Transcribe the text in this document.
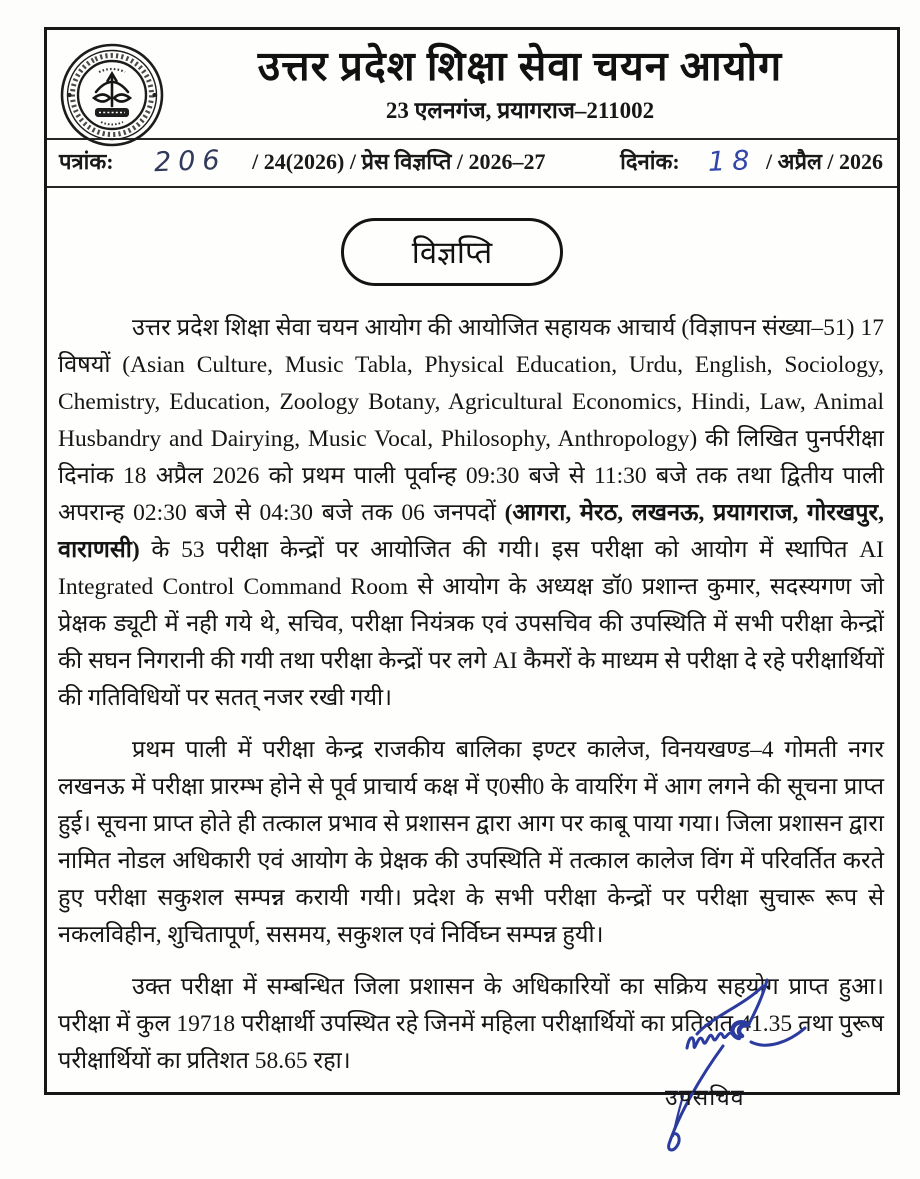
उत्तर प्रदेश शिक्षा सेवा चयन आयोग
23 एलनगंज, प्रयागराज–211002
पत्रांक: 206 / 24(2026) / प्रेस विज्ञप्ति / 2026–27	दिनांक: 18 / अप्रैल / 2026
विज्ञप्ति

उत्तर प्रदेश शिक्षा सेवा चयन आयोग की आयोजित सहायक आचार्य (विज्ञापन संख्या–51) 17 विषयों (Asian Culture, Music Tabla, Physical Education, Urdu, English, Sociology, Chemistry, Education, Zoology Botany, Agricultural Economics, Hindi, Law, Animal Husbandry and Dairying, Music Vocal, Philosophy, Anthropology) की लिखित पुनर्परीक्षा दिनांक 18 अप्रैल 2026 को प्रथम पाली पूर्वान्ह 09:30 बजे से 11:30 बजे तक तथा द्वितीय पाली अपरान्ह 02:30 बजे से 04:30 बजे तक 06 जनपदों (आगरा, मेरठ, लखनऊ, प्रयागराज, गोरखपुर, वाराणसी) के 53 परीक्षा केन्द्रों पर आयोजित की गयी। इस परीक्षा को आयोग में स्थापित AI Integrated Control Command Room से आयोग के अध्यक्ष डॉ0 प्रशान्त कुमार, सदस्यगण जो प्रेक्षक ड्यूटी में नही गये थे, सचिव, परीक्षा नियंत्रक एवं उपसचिव की उपस्थिति में सभी परीक्षा केन्द्रों की सघन निगरानी की गयी तथा परीक्षा केन्द्रों पर लगे AI कैमरों के माध्यम से परीक्षा दे रहे परीक्षार्थियों की गतिविधियों पर सतत् नजर रखी गयी।

प्रथम पाली में परीक्षा केन्द्र राजकीय बालिका इण्टर कालेज, विनयखण्ड–4 गोमती नगर लखनऊ में परीक्षा प्रारम्भ होने से पूर्व प्राचार्य कक्ष में ए0सी0 के वायरिंग में आग लगने की सूचना प्राप्त हुई। सूचना प्राप्त होते ही तत्काल प्रभाव से प्रशासन द्वारा आग पर काबू पाया गया। जिला प्रशासन द्वारा नामित नोडल अधिकारी एवं आयोग के प्रेक्षक की उपस्थिति में तत्काल कालेज विंग में परिवर्तित करते हुए परीक्षा सकुशल सम्पन्न करायी गयी। प्रदेश के सभी परीक्षा केन्द्रों पर परीक्षा सुचारू रूप से नकलविहीन, शुचितापूर्ण, ससमय, सकुशल एवं निर्विघ्न सम्पन्न हुयी।

उक्त परीक्षा में सम्बन्धित जिला प्रशासन के अधिकारियों का सक्रिय सहयोग प्राप्त हुआ। परीक्षा में कुल 19718 परीक्षार्थी उपस्थित रहे जिनमें महिला परीक्षार्थियों का प्रतिशत 41.35 तथा पुरूष परीक्षार्थियों का प्रतिशत 58.65 रहा।

उपसचिव
